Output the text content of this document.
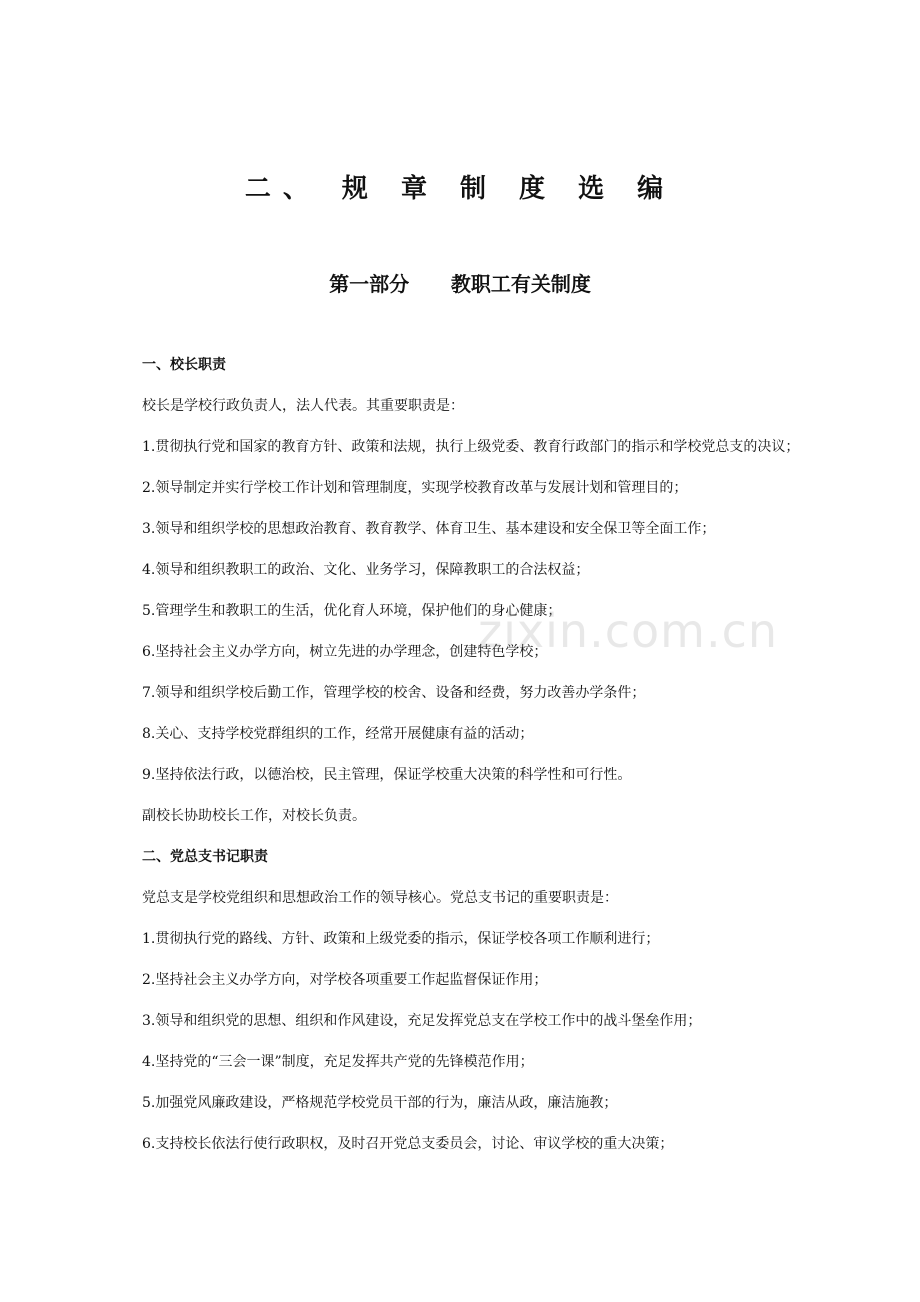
二、 规 章 制 度 选 编
第一部分      教职工有关制度

一、校长职责

校长是学校行政负责人，法人代表。其重要职责是：

1.贯彻执行党和国家的教育方针、政策和法规，执行上级党委、教育行政部门的指示和学校党总支的决议；

2.领导制定并实行学校工作计划和管理制度，实现学校教育改革与发展计划和管理目的；

3.领导和组织学校的思想政治教育、教育教学、体育卫生、基本建设和安全保卫等全面工作；

4.领导和组织教职工的政治、文化、业务学习，保障教职工的合法权益；

5.管理学生和教职工的生活，优化育人环境，保护他们的身心健康；

6.坚持社会主义办学方向，树立先进的办学理念，创建特色学校；

7.领导和组织学校后勤工作，管理学校的校舍、设备和经费，努力改善办学条件；

8.关心、支持学校党群组织的工作，经常开展健康有益的活动；

9.坚持依法行政，以德治校，民主管理，保证学校重大决策的科学性和可行性。

副校长协助校长工作，对校长负责。

二、党总支书记职责

党总支是学校党组织和思想政治工作的领导核心。党总支书记的重要职责是：

1.贯彻执行党的路线、方针、政策和上级党委的指示，保证学校各项工作顺利进行；

2.坚持社会主义办学方向，对学校各项重要工作起监督保证作用；

3.领导和组织党的思想、组织和作风建设，充足发挥党总支在学校工作中的战斗堡垒作用；

4.坚持党的“三会一课”制度，充足发挥共产党的先锋模范作用；

5.加强党风廉政建设，严格规范学校党员干部的行为，廉洁从政，廉洁施教；

6.支持校长依法行使行政职权，及时召开党总支委员会，讨论、审议学校的重大决策；

zixin.com.cn
